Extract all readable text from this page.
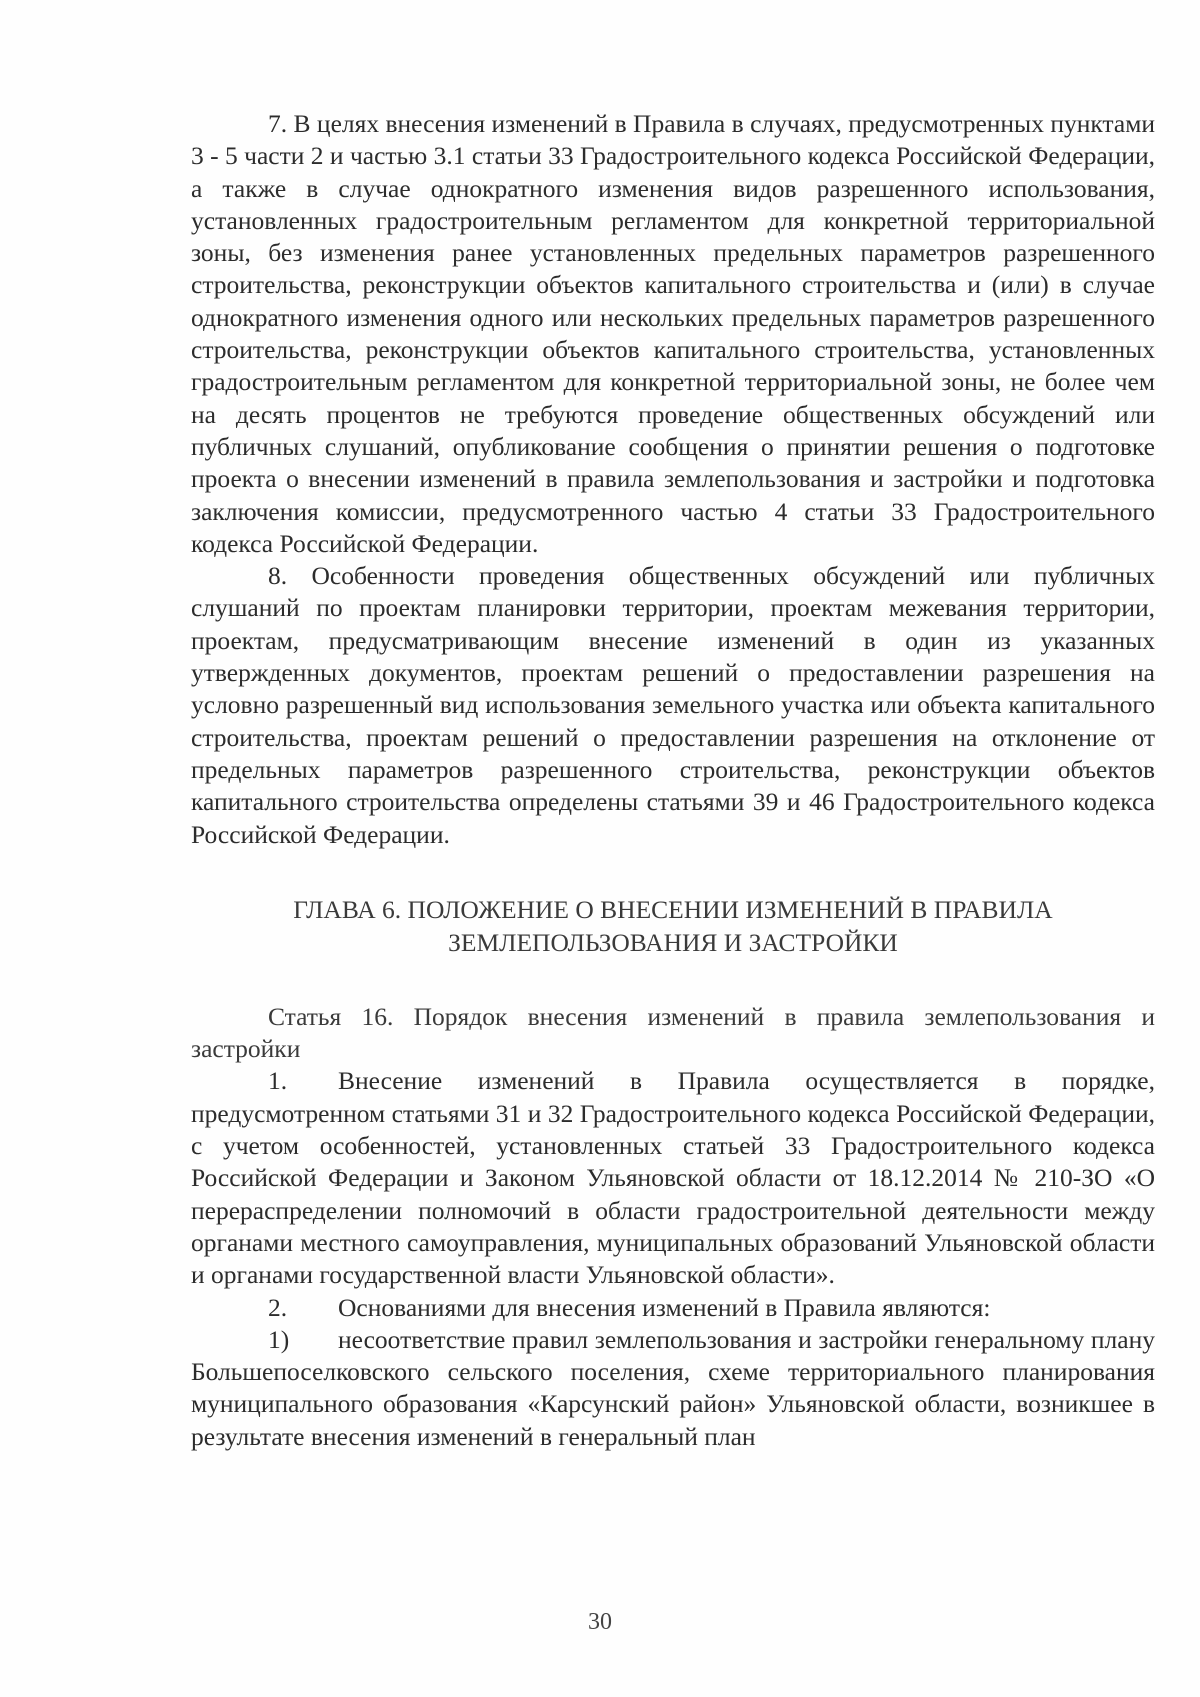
7. В целях внесения изменений в Правила в случаях, предусмотренных пунктами 3 - 5 части 2 и частью 3.1 статьи 33 Градостроительного кодекса Российской Федерации, а также в случае однократного изменения видов разрешенного использования, установленных градостроительным регламентом для конкретной территориальной зоны, без изменения ранее установленных предельных параметров разрешенного строительства, реконструкции объектов капитального строительства и (или) в случае однократного изменения одного или нескольких предельных параметров разрешенного строительства, реконструкции объектов капитального строительства, установленных градостроительным регламентом для конкретной территориальной зоны, не более чем на десять процентов не требуются проведение общественных обсуждений или публичных слушаний, опубликование сообщения о принятии решения о подготовке проекта о внесении изменений в правила землепользования и застройки и подготовка заключения комиссии, предусмотренного частью 4 статьи 33 Градостроительного кодекса Российской Федерации.

8. Особенности проведения общественных обсуждений или публичных слушаний по проектам планировки территории, проектам межевания территории, проектам, предусматривающим внесение изменений в один из указанных утвержденных документов, проектам решений о предоставлении разрешения на условно разрешенный вид использования земельного участка или объекта капитального строительства, проектам решений о предоставлении разрешения на отклонение от предельных параметров разрешенного строительства, реконструкции объектов капитального строительства определены статьями 39 и 46 Градостроительного кодекса Российской Федерации.

ГЛАВА 6. ПОЛОЖЕНИЕ О ВНЕСЕНИИ ИЗМЕНЕНИЙ В ПРАВИЛА
ЗЕМЛЕПОЛЬЗОВАНИЯ И ЗАСТРОЙКИ

Статья 16. Порядок внесения изменений в правила землепользования и застройки

1. Внесение изменений в Правила осуществляется в порядке, предусмотренном статьями 31 и 32 Градостроительного кодекса Российской Федерации, с учетом особенностей, установленных статьей 33 Градостроительного кодекса Российской Федерации и Законом Ульяновской области от 18.12.2014 № 210-ЗО «О перераспределении полномочий в области градостроительной деятельности между органами местного самоуправления, муниципальных образований Ульяновской области и органами государственной власти Ульяновской области».

2. Основаниями для внесения изменений в Правила являются:

1) несоответствие правил землепользования и застройки генеральному плану Большепоселковского сельского поселения, схеме территориального планирования муниципального образования «Карсунский район» Ульяновской области, возникшее в результате внесения изменений в генеральный план

30
